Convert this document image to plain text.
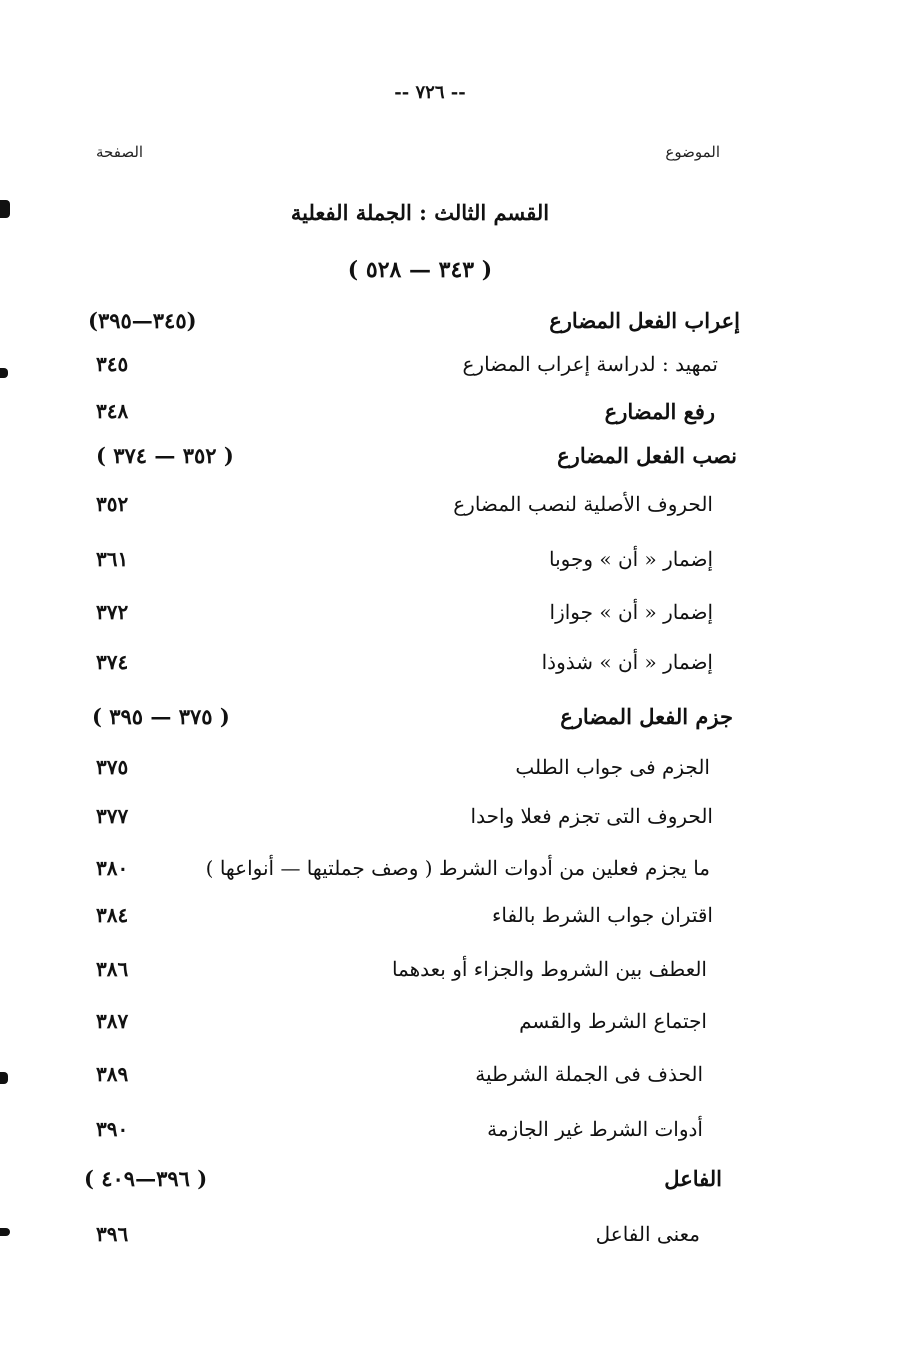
-- ٧٢٦ --
الموضوع
الصفحة
القسم الثالث : الجملة الفعلية
( ٣٤٣ — ٥٢٨ )
إعراب الفعل المضارع
(٣٤٥—٣٩٥)
تمهيد : لدراسة إعراب المضارع
٣٤٥
رفع المضارع
٣٤٨
نصب الفعل المضارع
( ٣٥٢ — ٣٧٤ )
الحروف الأصلية لنصب المضارع
٣٥٢
إضمار « أن » وجوبا
٣٦١
إضمار « أن » جوازا
٣٧٢
إضمار « أن » شذوذا
٣٧٤
جزم الفعل المضارع
( ٣٧٥ — ٣٩٥ )
الجزم فى جواب الطلب
٣٧٥
الحروف التى تجزم فعلا واحدا
٣٧٧
ما يجزم فعلين من أدوات الشرط ( وصف جملتيها — أنواعها )
٣٨٠
اقتران جواب الشرط بالفاء
٣٨٤
العطف بين الشروط والجزاء أو بعدهما
٣٨٦
اجتماع الشرط والقسم
٣٨٧
الحذف فى الجملة الشرطية
٣٨٩
أدوات الشرط غير الجازمة
٣٩٠
الفاعل
( ٣٩٦—٤٠٩ )
معنى الفاعل
٣٩٦
